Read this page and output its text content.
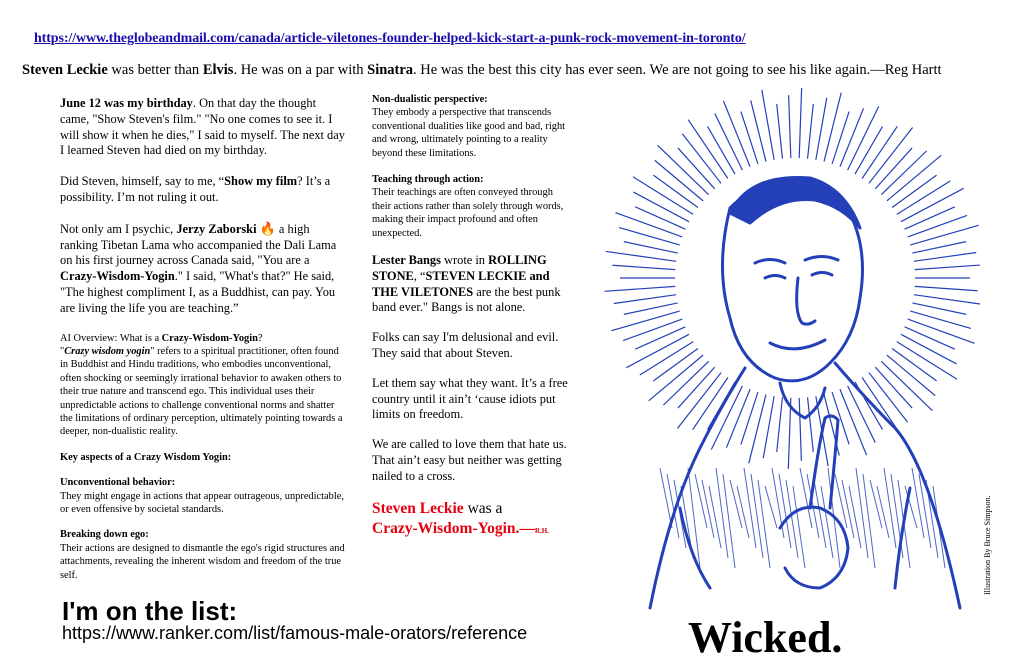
https://www.theglobeandmail.com/canada/article-viletones-founder-helped-kick-start-a-punk-rock-movement-in-toronto/
Steven Leckie was better than Elvis. He was on a par with Sinatra. He was the best this city has ever seen. We are not going to see his like again.—Reg Hartt

June 12 was my birthday. On that day the thought came, "Show Steven's film." "No one comes to see it. I will show it when he dies," I said to myself. The next day I learned Steven had died on my birthday.

Did Steven, himself, say to me, “Show my film? It’s a possibility. I’m not ruling it out.

Not only am I psychic, Jerzy Zaborski 🔥 a high ranking Tibetan Lama who accompanied the Dali Lama on his first journey across Canada said, "You are a Crazy-Wisdom-Yogin." I said, "What's that?" He said, "The highest compliment I, as a Buddhist, can pay. You are living the life you are teaching.”

AI Overview: What is a Crazy-Wisdom-Yogin?
"Crazy wisdom yogin" refers to a spiritual practitioner, often found in Buddhist and Hindu traditions, who embodies unconventional, often shocking or seemingly irrational behavior to awaken others to their true nature and transcend ego. This individual uses their unpredictable actions to challenge conventional norms and shatter the limitations of ordinary perception, ultimately pointing towards a deeper, non-dualistic reality.

Key aspects of a Crazy Wisdom Yogin:

Unconventional behavior:
They might engage in actions that appear outrageous, unpredictable, or even offensive by societal standards.

Breaking down ego:
Their actions are designed to dismantle the ego's rigid structures and attachments, revealing the inherent wisdom and freedom of the true self.

Non-dualistic perspective:
They embody a perspective that transcends conventional dualities like good and bad, right and wrong, ultimately pointing to a reality beyond these limitations.

Teaching through action:
Their teachings are often conveyed through their actions rather than solely through words, making their impact profound and often unexpected.

Lester Bangs wrote in ROLLING STONE, “STEVEN LECKIE and THE VILETONES are the best punk band ever." Bangs is not alone.

Folks can say I'm delusional and evil. They said that about Steven.

Let them say what they want. It’s a free country until it ain’t ‘cause idiots put limits on freedom.

We are called to love them that hate us. That ain’t easy but neither was getting nailed to a cross.

Steven Leckie was a
Crazy-Wisdom-Yogin.—R.H.	Illustration By Bruce Simpson.
I'm on the list:
https://www.ranker.com/list/famous-male-orators/reference	Wicked.
